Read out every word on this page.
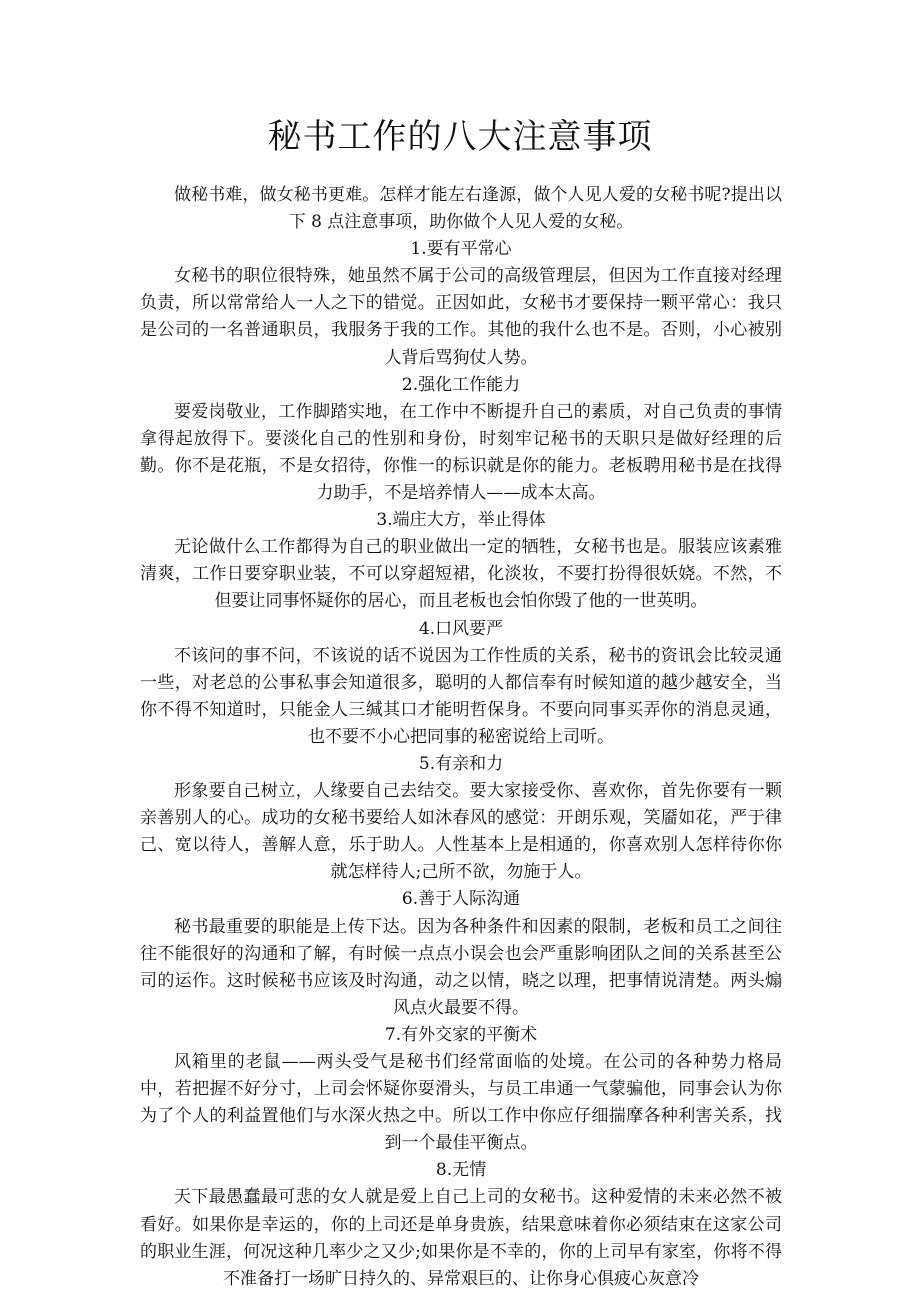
秘书工作的八大注意事项

做秘书难，做女秘书更难。怎样才能左右逢源，做个人见人爱的女秘书呢?提出以下 8 点注意事项，助你做个人见人爱的女秘。

1.要有平常心

女秘书的职位很特殊，她虽然不属于公司的高级管理层，但因为工作直接对经理负责，所以常常给人一人之下的错觉。正因如此，女秘书才要保持一颗平常心：我只是公司的一名普通职员，我服务于我的工作。其他的我什么也不是。否则，小心被别人背后骂狗仗人势。

2.强化工作能力

要爱岗敬业，工作脚踏实地，在工作中不断提升自己的素质，对自己负责的事情拿得起放得下。要淡化自己的性别和身份，时刻牢记秘书的天职只是做好经理的后勤。你不是花瓶，不是女招待，你惟一的标识就是你的能力。老板聘用秘书是在找得力助手，不是培养情人——成本太高。

3.端庄大方，举止得体

无论做什么工作都得为自己的职业做出一定的牺牲，女秘书也是。服装应该素雅清爽，工作日要穿职业装，不可以穿超短裙，化淡妆，不要打扮得很妖娆。不然，不但要让同事怀疑你的居心，而且老板也会怕你毁了他的一世英明。

4.口风要严

不该问的事不问，不该说的话不说因为工作性质的关系，秘书的资讯会比较灵通一些，对老总的公事私事会知道很多，聪明的人都信奉有时候知道的越少越安全，当你不得不知道时，只能金人三缄其口才能明哲保身。不要向同事买弄你的消息灵通，也不要不小心把同事的秘密说给上司听。

5.有亲和力

形象要自己树立，人缘要自己去结交。要大家接受你、喜欢你，首先你要有一颗亲善别人的心。成功的女秘书要给人如沐春风的感觉：开朗乐观，笑靥如花，严于律己、宽以待人，善解人意，乐于助人。人性基本上是相通的，你喜欢别人怎样待你你就怎样待人;己所不欲，勿施于人。

6.善于人际沟通

秘书最重要的职能是上传下达。因为各种条件和因素的限制，老板和员工之间往往不能很好的沟通和了解，有时候一点点小误会也会严重影响团队之间的关系甚至公司的运作。这时候秘书应该及时沟通，动之以情，晓之以理，把事情说清楚。两头煽风点火最要不得。

7.有外交家的平衡术

风箱里的老鼠——两头受气是秘书们经常面临的处境。在公司的各种势力格局中，若把握不好分寸，上司会怀疑你耍滑头，与员工串通一气蒙骗他，同事会认为你为了个人的利益置他们与水深火热之中。所以工作中你应仔细揣摩各种利害关系，找到一个最佳平衡点。

8.无情

天下最愚蠢最可悲的女人就是爱上自己上司的女秘书。这种爱情的未来必然不被看好。如果你是幸运的，你的上司还是单身贵族，结果意味着你必须结束在这家公司的职业生涯，何况这种几率少之又少;如果你是不幸的，你的上司早有家室，你将不得不准备打一场旷日持久的、异常艰巨的、让你身心俱疲心灰意冷
